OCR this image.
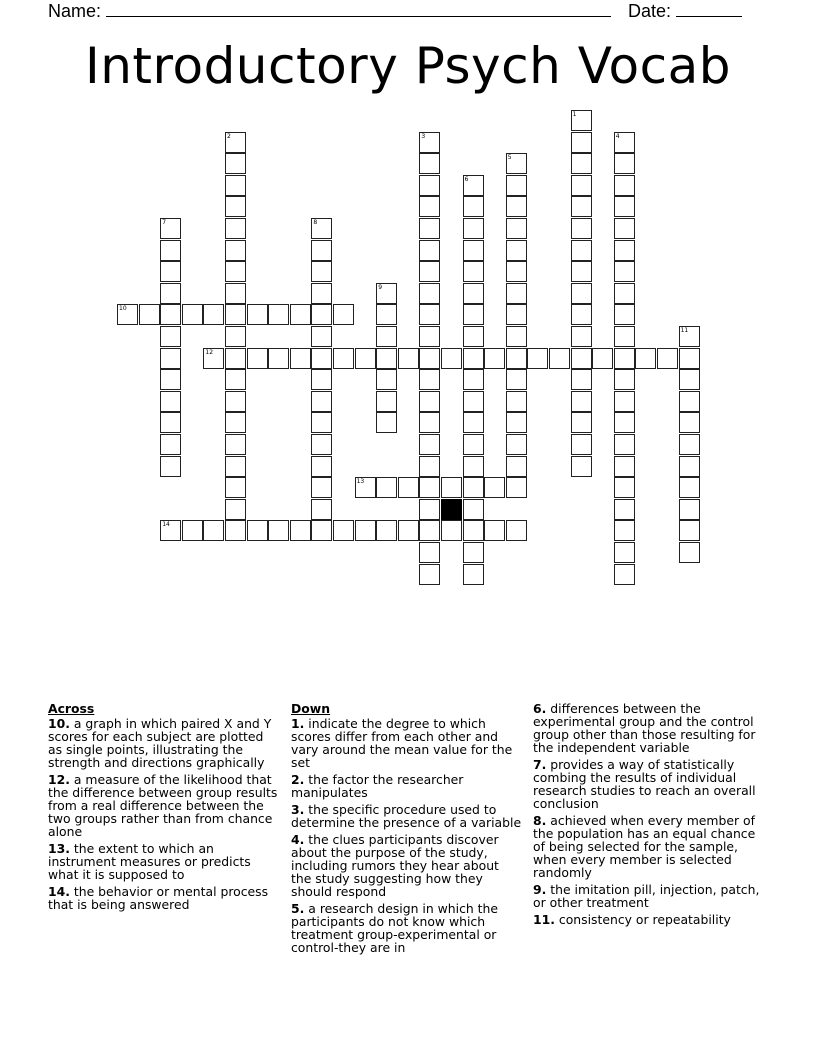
Name:	Date:
Introductory Psych Vocab
1
2	3	4
5
6
7	8
9
10
11
12
13
14
Across
10. a graph in which paired X and Y scores for each subject are plotted as single points, illustrating the strength and directions graphically
12. a measure of the likelihood that the difference between group results from a real difference between the two groups rather than from chance alone
13. the extent to which an instrument measures or predicts what it is supposed to
14. the behavior or mental process that is being answered
Down
1. indicate the degree to which scores differ from each other and vary around the mean value for the set
2. the factor the researcher manipulates
3. the specific procedure used to determine the presence of a variable
4. the clues participants discover about the purpose of the study, including rumors they hear about the study suggesting how they should respond
5. a research design in which the participants do not know which treatment group-experimental or control-they are in
6. differences between the experimental group and the control group other than those resulting for the independent variable
7. provides a way of statistically combing the results of individual research studies to reach an overall conclusion
8. achieved when every member of the population has an equal chance of being selected for the sample, when every member is selected randomly
9. the imitation pill, injection, patch, or other treatment
11. consistency or repeatability
